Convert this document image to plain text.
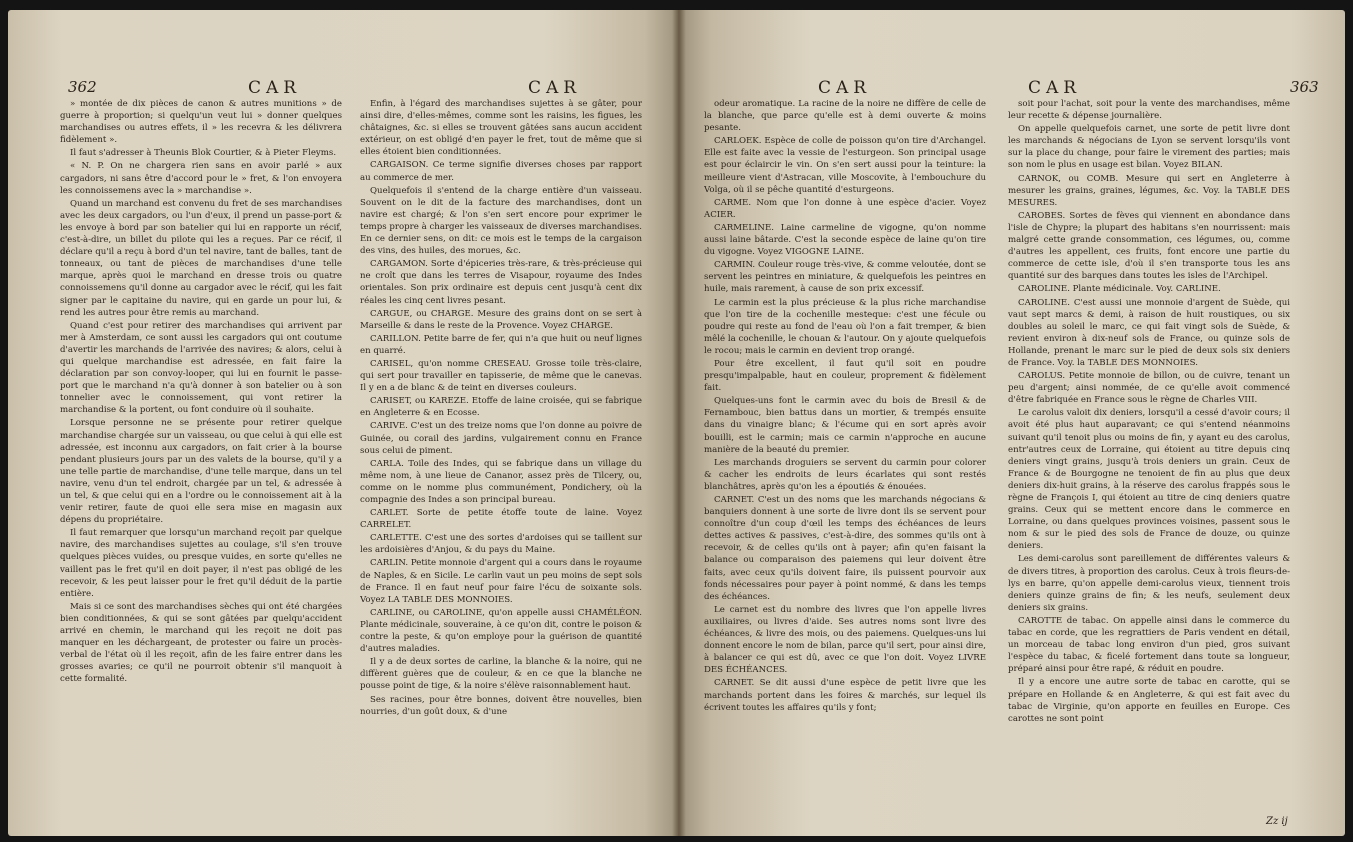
362	CAR	CAR

» montée de dix pièces de canon & autres munitions » de guerre à proportion; si quelqu'un veut lui » donner quelques marchandises ou autres effets, il » les recevra & les délivrera fidèlement ».

Il faut s'adresser à Theunis Blok Courtier, & à Pieter Fleyms.

« N. P. On ne chargera rien sans en avoir parlé » aux cargadors, ni sans être d'accord pour le » fret, & l'on envoyera les connoissemens avec la » marchandise ».

Quand un marchand est convenu du fret de ses marchandises avec les deux cargadors, ou l'un d'eux, il prend un passe-port & les envoye à bord par son batelier qui lui en rapporte un récif, c'est-à-dire, un billet du pilote qui les a reçues. Par ce récif, il déclare qu'il a reçu à bord d'un tel navire, tant de balles, tant de tonneaux, ou tant de pièces de marchandises d'une telle marque, après quoi le marchand en dresse trois ou quatre connoissemens qu'il donne au cargador avec le récif, qui les fait signer par le capitaine du navire, qui en garde un pour lui, & rend les autres pour être remis au marchand.

Quand c'est pour retirer des marchandises qui arrivent par mer à Amsterdam, ce sont aussi les cargadors qui ont coutume d'avertir les marchands de l'arrivée des navires; & alors, celui à qui quelque marchandise est adressée, en fait faire la déclaration par son convoy-looper, qui lui en fournit le passe-port que le marchand n'a qu'à donner à son batelier ou à son tonnelier avec le connoissement, qui vont retirer la marchandise & la portent, ou font conduire où il souhaite.

Lorsque personne ne se présente pour retirer quelque marchandise chargée sur un vaisseau, ou que celui à qui elle est adressée, est inconnu aux cargadors, on fait crier à la bourse pendant plusieurs jours par un des valets de la bourse, qu'il y a une telle partie de marchandise, d'une telle marque, dans un tel navire, venu d'un tel endroit, chargée par un tel, & adressée à un tel, & que celui qui en a l'ordre ou le connoissement ait à la venir retirer, faute de quoi elle sera mise en magasin aux dépens du propriétaire.

Il faut remarquer que lorsqu'un marchand reçoit par quelque navire, des marchandises sujettes au coulage, s'il s'en trouve quelques pièces vuides, ou presque vuides, en sorte qu'elles ne vaillent pas le fret qu'il en doit payer, il n'est pas obligé de les recevoir, & les peut laisser pour le fret qu'il déduit de la partie entière.

Mais si ce sont des marchandises sèches qui ont été chargées bien conditionnées, & qui se sont gâtées par quelqu'accident arrivé en chemin, le marchand qui les reçoit ne doit pas manquer en les déchargeant, de protester ou faire un procès-verbal de l'état où il les reçoit, afin de les faire entrer dans les grosses avaries; ce qu'il ne pourroit obtenir s'il manquoit à cette formalité.

Enfin, à l'égard des marchandises sujettes à se gâter, pour ainsi dire, d'elles-mêmes, comme sont les raisins, les figues, les châtaignes, &c. si elles se trouvent gâtées sans aucun accident extérieur, on est obligé d'en payer le fret, tout de même que si elles étoient bien conditionnées.

CARGAISON. Ce terme signifie diverses choses par rapport au commerce de mer.

Quelquefois il s'entend de la charge entière d'un vaisseau. Souvent on le dit de la facture des marchandises, dont un navire est chargé; & l'on s'en sert encore pour exprimer le temps propre à charger les vaisseaux de diverses marchandises. En ce dernier sens, on dit: ce mois est le temps de la cargaison des vins, des huiles, des morues, &c.

CARGAMON. Sorte d'épiceries très-rare, & très-précieuse qui ne croît que dans les terres de Visapour, royaume des Indes orientales. Son prix ordinaire est depuis cent jusqu'à cent dix réales les cinq cent livres pesant.

CARGUE, ou CHARGE. Mesure des grains dont on se sert à Marseille & dans le reste de la Provence. Voyez CHARGE.

CARILLON. Petite barre de fer, qui n'a que huit ou neuf lignes en quarré.

CARISEL, qu'on nomme CRESEAU. Grosse toile très-claire, qui sert pour travailler en tapisserie, de même que le canevas. Il y en a de blanc & de teint en diverses couleurs.

CARISET, ou KAREZE. Etoffe de laine croisée, qui se fabrique en Angleterre & en Ecosse.

CARIVE. C'est un des treize noms que l'on donne au poivre de Guinée, ou corail des jardins, vulgairement connu en France sous celui de piment.

CARLA. Toile des Indes, qui se fabrique dans un village du même nom, à une lieue de Cananor, assez près de Tilcery, ou, comme on le nomme plus communément, Pondichery, où la compagnie des Indes a son principal bureau.

CARLET. Sorte de petite étoffe toute de laine. Voyez CARRELET.

CARLETTE. C'est une des sortes d'ardoises qui se taillent sur les ardoisières d'Anjou, & du pays du Maine.

CARLIN. Petite monnoie d'argent qui a cours dans le royaume de Naples, & en Sicile. Le carlin vaut un peu moins de sept sols de France. Il en faut neuf pour faire l'écu de soixante sols. Voyez LA TABLE DES MONNOIES.

CARLINE, ou CAROLINE, qu'on appelle aussi CHAMÉLÉON. Plante médicinale, souveraine, à ce qu'on dit, contre le poison & contre la peste, & qu'on employe pour la guérison de quantité d'autres maladies.

Il y a de deux sortes de carline, la blanche & la noire, qui ne diffèrent guères que de couleur, & en ce que la blanche ne pousse point de tige, & la noire s'élève raisonnablement haut.

Ses racines, pour être bonnes, doivent être nouvelles, bien nourries, d'un goût doux, & d'une

CAR	CAR	363

odeur aromatique. La racine de la noire ne diffère de celle de la blanche, que parce qu'elle est à demi ouverte & moins pesante.

CARLOEK. Espèce de colle de poisson qu'on tire d'Archangel. Elle est faite avec la vessie de l'esturgeon. Son principal usage est pour éclaircir le vin. On s'en sert aussi pour la teinture: la meilleure vient d'Astracan, ville Moscovite, à l'embouchure du Volga, où il se pêche quantité d'esturgeons.

CARME. Nom que l'on donne à une espèce d'acier. Voyez ACIER.

CARMELINE. Laine carmeline de vigogne, qu'on nomme aussi laine bâtarde. C'est la seconde espèce de laine qu'on tire du vigogne. Voyez VIGOGNE LAINE.

CARMIN. Couleur rouge très-vive, & comme veloutée, dont se servent les peintres en miniature, & quelquefois les peintres en huile, mais rarement, à cause de son prix excessif.

Le carmin est la plus précieuse & la plus riche marchandise que l'on tire de la cochenille mesteque: c'est une fécule ou poudre qui reste au fond de l'eau où l'on a fait tremper, & bien mêlé la cochenille, le chouan & l'autour. On y ajoute quelquefois le rocou; mais le carmin en devient trop orangé.

Pour être excellent, il faut qu'il soit en poudre presqu'impalpable, haut en couleur, proprement & fidèlement fait.

Quelques-uns font le carmin avec du bois de Bresil & de Fernambouc, bien battus dans un mortier, & trempés ensuite dans du vinaigre blanc; & l'écume qui en sort après avoir bouilli, est le carmin; mais ce carmin n'approche en aucune manière de la beauté du premier.

Les marchands droguiers se servent du carmin pour colorer & cacher les endroits de leurs écarlates qui sont restés blanchâtres, après qu'on les a époutiés & énouées.

CARNET. C'est un des noms que les marchands négocians & banquiers donnent à une sorte de livre dont ils se servent pour connoître d'un coup d'œil les temps des échéances de leurs dettes actives & passives, c'est-à-dire, des sommes qu'ils ont à recevoir, & de celles qu'ils ont à payer; afin qu'en faisant la balance ou comparaison des paiemens qui leur doivent être faits, avec ceux qu'ils doivent faire, ils puissent pourvoir aux fonds nécessaires pour payer à point nommé, & dans les temps des échéances.

Le carnet est du nombre des livres que l'on appelle livres auxiliaires, ou livres d'aide. Ses autres noms sont livre des échéances, & livre des mois, ou des paiemens. Quelques-uns lui donnent encore le nom de bilan, parce qu'il sert, pour ainsi dire, à balancer ce qui est dû, avec ce que l'on doit. Voyez LIVRE DES ÉCHÉANCES.

CARNET. Se dit aussi d'une espèce de petit livre que les marchands portent dans les foires & marchés, sur lequel ils écrivent toutes les affaires qu'ils y font;

soit pour l'achat, soit pour la vente des marchandises, même leur recette & dépense journalière.

On appelle quelquefois carnet, une sorte de petit livre dont les marchands & négocians de Lyon se servent lorsqu'ils vont sur la place du change, pour faire le virement des parties; mais son nom le plus en usage est bilan. Voyez BILAN.

CARNOK, ou COMB. Mesure qui sert en Angleterre à mesurer les grains, graines, légumes, &c. Voy. la TABLE DES MESURES.

CAROBES. Sortes de fèves qui viennent en abondance dans l'isle de Chypre; la plupart des habitans s'en nourrissent: mais malgré cette grande consommation, ces légumes, ou, comme d'autres les appellent, ces fruits, font encore une partie du commerce de cette isle, d'où il s'en transporte tous les ans quantité sur des barques dans toutes les isles de l'Archipel.

CAROLINE. Plante médicinale. Voy. CARLINE.

CAROLINE. C'est aussi une monnoie d'argent de Suède, qui vaut sept marcs & demi, à raison de huit roustiques, ou six doubles au soleil le marc, ce qui fait vingt sols de Suède, & revient environ à dix-neuf sols de France, ou quinze sols de Hollande, prenant le marc sur le pied de deux sols six deniers de France. Voy. la TABLE DES MONNOIES.

CAROLUS. Petite monnoie de billon, ou de cuivre, tenant un peu d'argent; ainsi nommée, de ce qu'elle avoit commencé d'être fabriquée en France sous le règne de Charles VIII.

Le carolus valoit dix deniers, lorsqu'il a cessé d'avoir cours; il avoit été plus haut auparavant; ce qui s'entend néanmoins suivant qu'il tenoit plus ou moins de fin, y ayant eu des carolus, entr'autres ceux de Lorraine, qui étoient au titre depuis cinq deniers vingt grains, jusqu'à trois deniers un grain. Ceux de France & de Bourgogne ne tenoient de fin au plus que deux deniers dix-huit grains, à la réserve des carolus frappés sous le règne de François I, qui étoient au titre de cinq deniers quatre grains. Ceux qui se mettent encore dans le commerce en Lorraine, ou dans quelques provinces voisines, passent sous le nom & sur le pied des sols de France de douze, ou quinze deniers.

Les demi-carolus sont pareillement de différentes valeurs & de divers titres, à proportion des carolus. Ceux à trois fleurs-de-lys en barre, qu'on appelle demi-carolus vieux, tiennent trois deniers quinze grains de fin; & les neufs, seulement deux deniers six grains.

CAROTTE de tabac. On appelle ainsi dans le commerce du tabac en corde, que les regrattiers de Paris vendent en détail, un morceau de tabac long environ d'un pied, gros suivant l'espèce du tabac, & ficelé fortement dans toute sa longueur, préparé ainsi pour être rapé, & réduit en poudre.

Il y a encore une autre sorte de tabac en carotte, qui se prépare en Hollande & en Angleterre, & qui est fait avec du tabac de Virginie, qu'on apporte en feuilles en Europe. Ces carottes ne sont point

Zz ij
